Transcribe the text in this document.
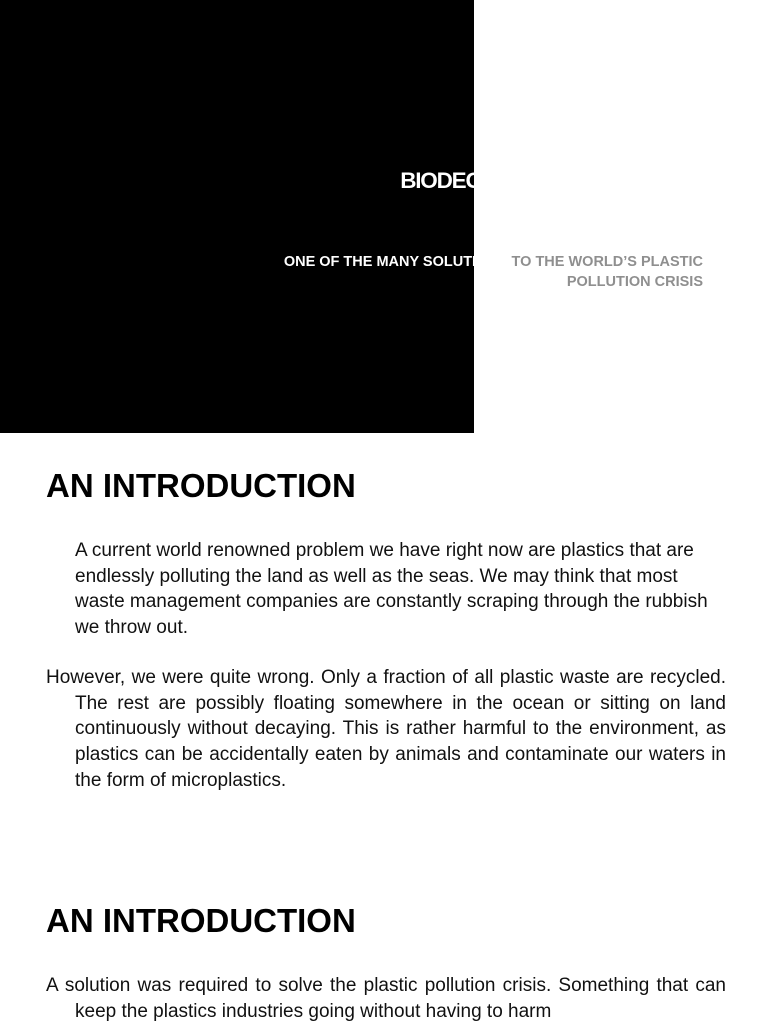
BIODEGRADABLE POLYMERS

ONE OF THE MANY SOLUTIONS TO THE WORLD’S PLASTIC
POLLUTION CRISIS

AN INTRODUCTION

A current world renowned problem we have right now are plastics that are endlessly polluting the land as well as the seas. We may think that most waste management companies are constantly scraping through the rubbish we throw out.

However, we were quite wrong. Only a fraction of all plastic waste are recycled. The rest are possibly floating somewhere in the ocean or sitting on land continuously without decaying. This is rather harmful to the environment, as plastics can be accidentally eaten by animals and contaminate our waters in the form of microplastics.

AN INTRODUCTION

A solution was required to solve the plastic pollution crisis. Something that can keep the plastics industries going without having to harm
